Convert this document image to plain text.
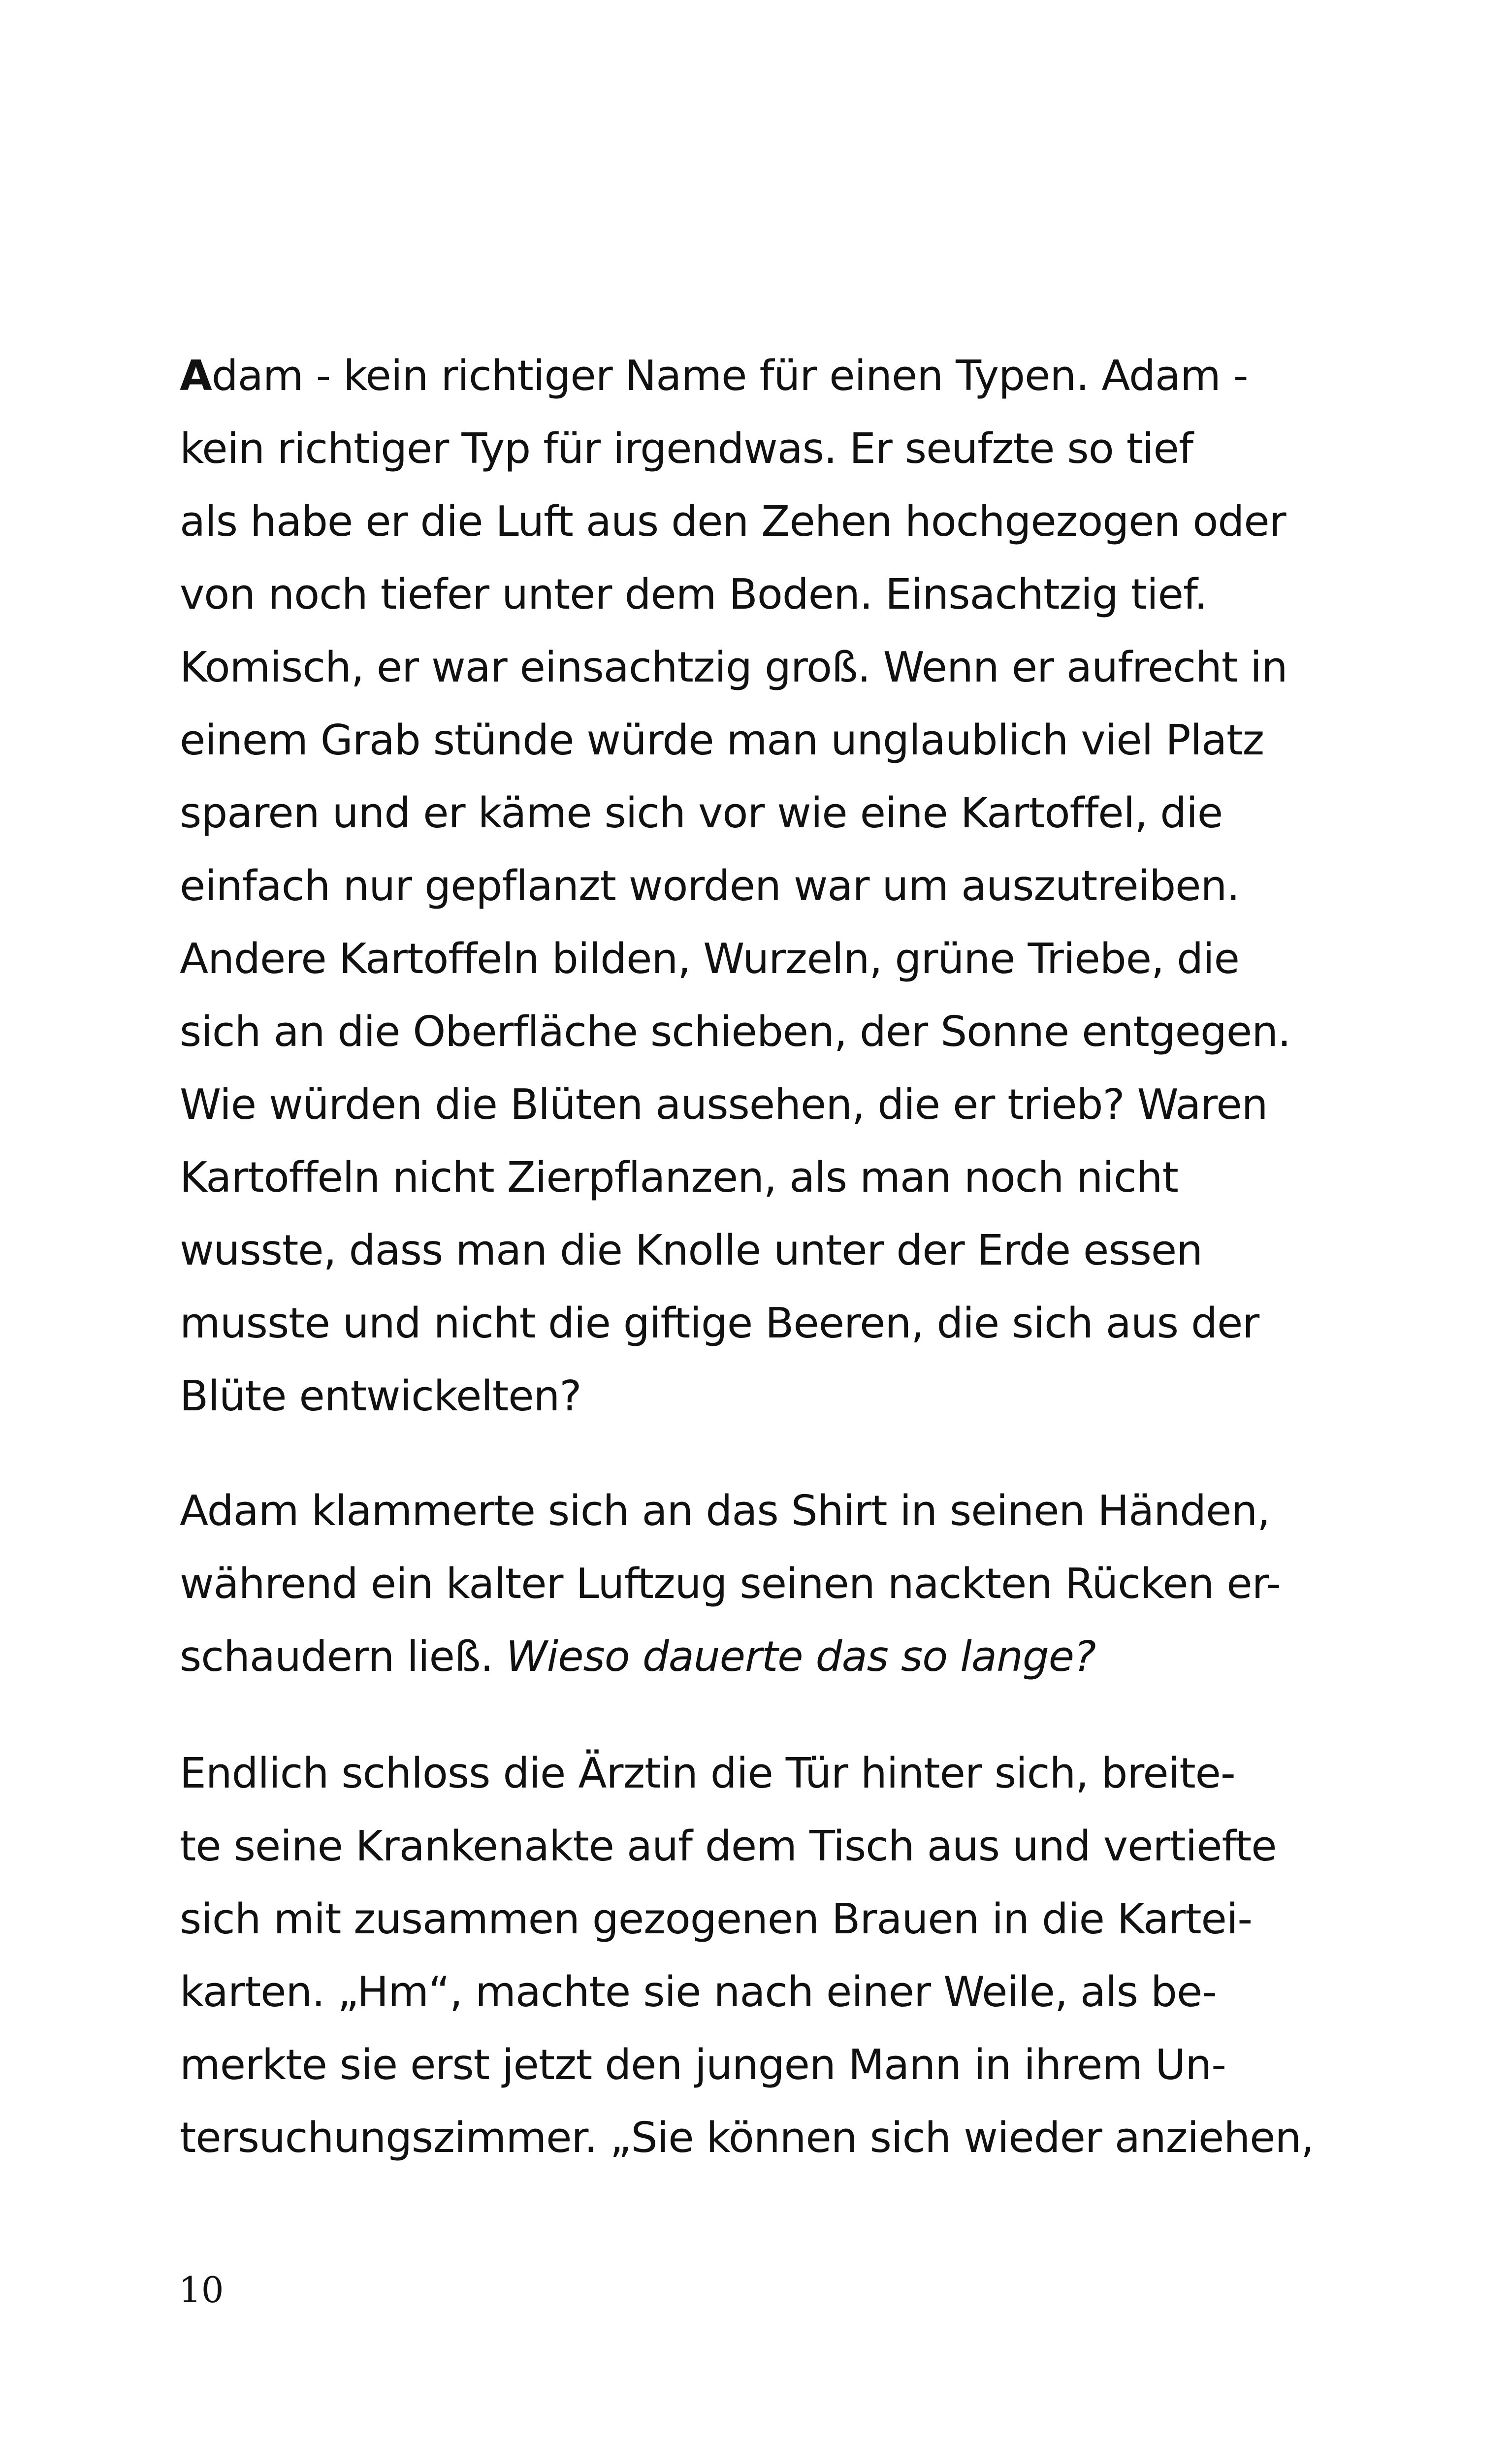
Adam - kein richtiger Name für einen Typen. Adam -
kein richtiger Typ für irgendwas. Er seufzte so tief
als habe er die Luft aus den Zehen hochgezogen oder
von noch tiefer unter dem Boden. Einsachtzig tief.
Komisch, er war einsachtzig groß. Wenn er aufrecht in
einem Grab stünde würde man unglaublich viel Platz
sparen und er käme sich vor wie eine Kartoffel, die
einfach nur gepflanzt worden war um auszutreiben.
Andere Kartoffeln bilden, Wurzeln, grüne Triebe, die
sich an die Oberfläche schieben, der Sonne entgegen.
Wie würden die Blüten aussehen, die er trieb? Waren
Kartoffeln nicht Zierpflanzen, als man noch nicht
wusste, dass man die Knolle unter der Erde essen
musste und nicht die giftige Beeren, die sich aus der
Blüte entwickelten?
Adam klammerte sich an das Shirt in seinen Händen,
während ein kalter Luftzug seinen nackten Rücken er-
schaudern ließ. Wieso dauerte das so lange?
Endlich schloss die Ärztin die Tür hinter sich, breite-
te seine Krankenakte auf dem Tisch aus und vertiefte
sich mit zusammen gezogenen Brauen in die Kartei-
karten. „Hm“, machte sie nach einer Weile, als be-
merkte sie erst jetzt den jungen Mann in ihrem Un-
tersuchungszimmer. „Sie können sich wieder anziehen,
10
